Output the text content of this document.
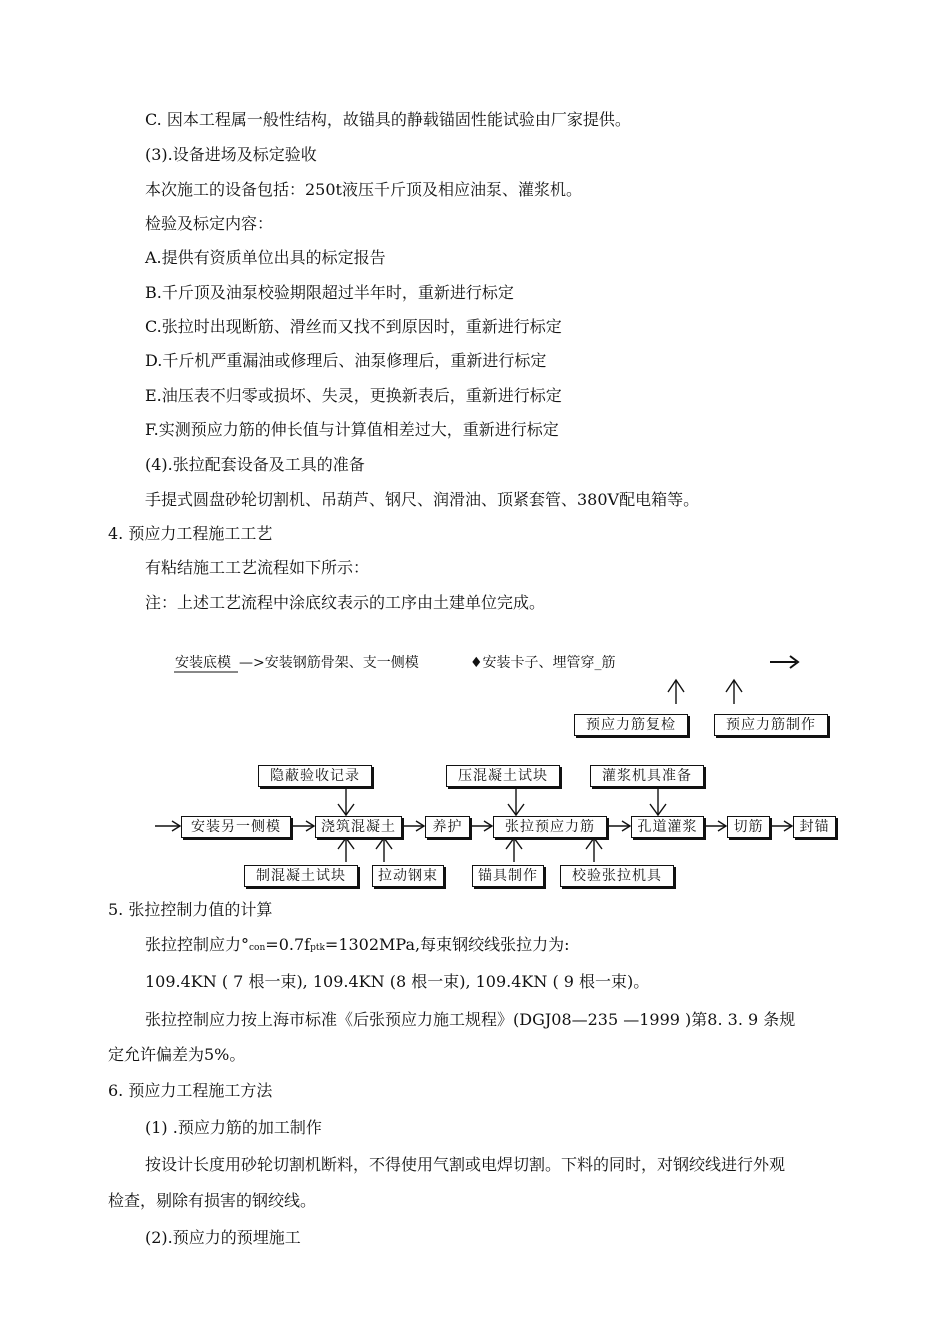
C. 因本工程属一般性结构，故锚具的静载锚固性能试验由厂家提供。
(3).设备进场及标定验收
本次施工的设备包括：250t液压千斤顶及相应油泵、灌浆机。
检验及标定内容：
A.提供有资质单位出具的标定报告
B.千斤顶及油泵校验期限超过半年时，重新进行标定
C.张拉时出现断筋、滑丝而又找不到原因时，重新进行标定
D.千斤机严重漏油或修理后、油泵修理后，重新进行标定
E.油压表不归零或损坏、失灵，更换新表后，重新进行标定
F.实测预应力筋的伸长值与计算值相差过大，重新进行标定
(4).张拉配套设备及工具的准备
手提式圆盘砂轮切割机、吊葫芦、钢尺、润滑油、顶紧套管、380V配电箱等。
4. 预应力工程施工工艺
有粘结施工工艺流程如下所示：
注：上述工艺流程中涂底纹表示的工序由土建单位完成。
安装底模 —>安装钢筋骨架、支一侧模	♦安装卡子、埋管穿_筋
预应力筋复检	预应力筋制作
隐蔽验收记录	压混凝土试块	灌浆机具准备
安装另一侧模	浇筑混凝土	养护	张拉预应力筋	孔道灌浆	切筋	封锚
制混凝土试块	拉动钢束	锚具制作	校验张拉机具
5. 张拉控制力值的计算
张拉控制应力°con=0.7fptk=1302MPa,每束钢绞线张拉力为:
109.4KN ( 7 根一束), 109.4KN (8 根一束), 109.4KN ( 9 根一束)。
张拉控制应力按上海市标准《后张预应力施工规程》(DGJ08—235 —1999 )第8. 3. 9 条规
定允许偏差为5%。
6. 预应力工程施工方法
(1) .预应力筋的加工制作
按设计长度用砂轮切割机断料，不得使用气割或电焊切割。下料的同时，对钢绞线进行外观
检查，剔除有损害的钢绞线。
(2).预应力的预埋施工
